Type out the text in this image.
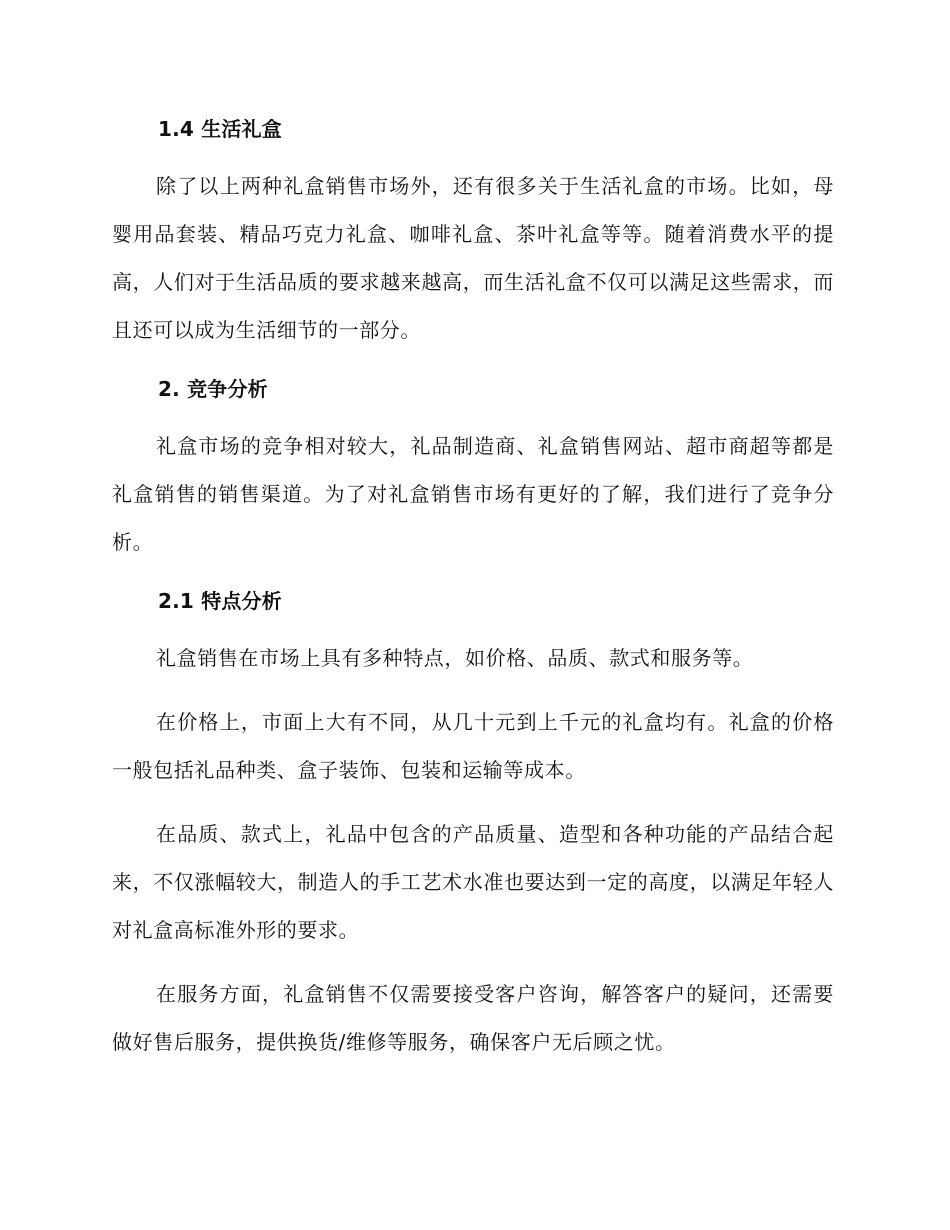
1.4 生活礼盒

除了以上两种礼盒销售市场外，还有很多关于生活礼盒的市场。比如，母婴用品套装、精品巧克力礼盒、咖啡礼盒、茶叶礼盒等等。随着消费水平的提高，人们对于生活品质的要求越来越高，而生活礼盒不仅可以满足这些需求，而且还可以成为生活细节的一部分。

2. 竞争分析

礼盒市场的竞争相对较大，礼品制造商、礼盒销售网站、超市商超等都是礼盒销售的销售渠道。为了对礼盒销售市场有更好的了解，我们进行了竞争分析。

2.1 特点分析

礼盒销售在市场上具有多种特点，如价格、品质、款式和服务等。

在价格上，市面上大有不同，从几十元到上千元的礼盒均有。礼盒的价格一般包括礼品种类、盒子装饰、包装和运输等成本。

在品质、款式上，礼品中包含的产品质量、造型和各种功能的产品结合起来，不仅涨幅较大，制造人的手工艺术水准也要达到一定的高度，以满足年轻人对礼盒高标准外形的要求。

在服务方面，礼盒销售不仅需要接受客户咨询，解答客户的疑问，还需要做好售后服务，提供换货/维修等服务，确保客户无后顾之忧。
